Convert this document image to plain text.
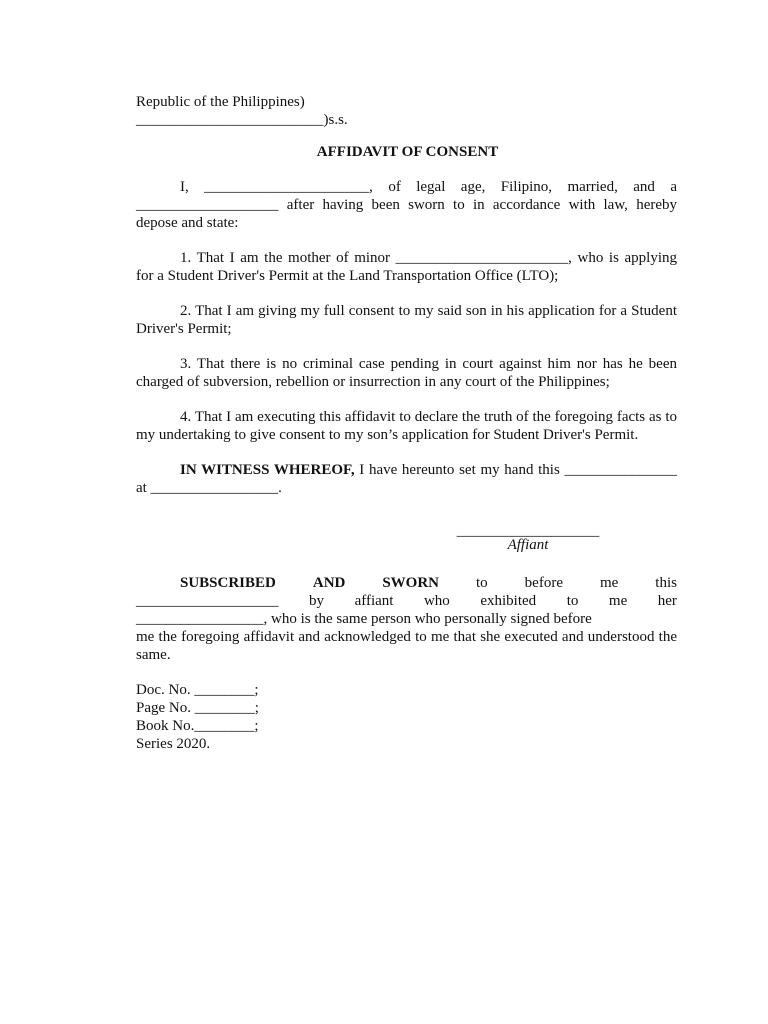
Republic of the Philippines)
_________________________)s.s.
AFFIDAVIT OF CONSENT

I, ______________________, of legal age, Filipino, married, and a ___________________ after having been sworn to in accordance with law, hereby depose and state:

1. That I am the mother of minor _______________________, who is applying for a Student Driver's Permit at the Land Transportation Office (LTO);

2. That I am giving my full consent to my said son in his application for a Student Driver's Permit;

3. That there is no criminal case pending in court against him nor has he been charged of subversion, rebellion or insurrection in any court of the Philippines;

4. That I am executing this affidavit to declare the truth of the foregoing facts as to my undertaking to give consent to my son’s application for Student Driver's Permit.

IN WITNESS WHEREOF, I have hereunto set my hand this _______________ at _________________.

___________________
Affiant
SUBSCRIBED AND SWORN to before me this
___________________ by affiant who exhibited to me her
_________________, who is the same person who personally signed before
me the foregoing affidavit and acknowledged to me that she executed and understood the same.
Doc. No. ________;
Page No. ________;
Book No.________;
Series 2020.
